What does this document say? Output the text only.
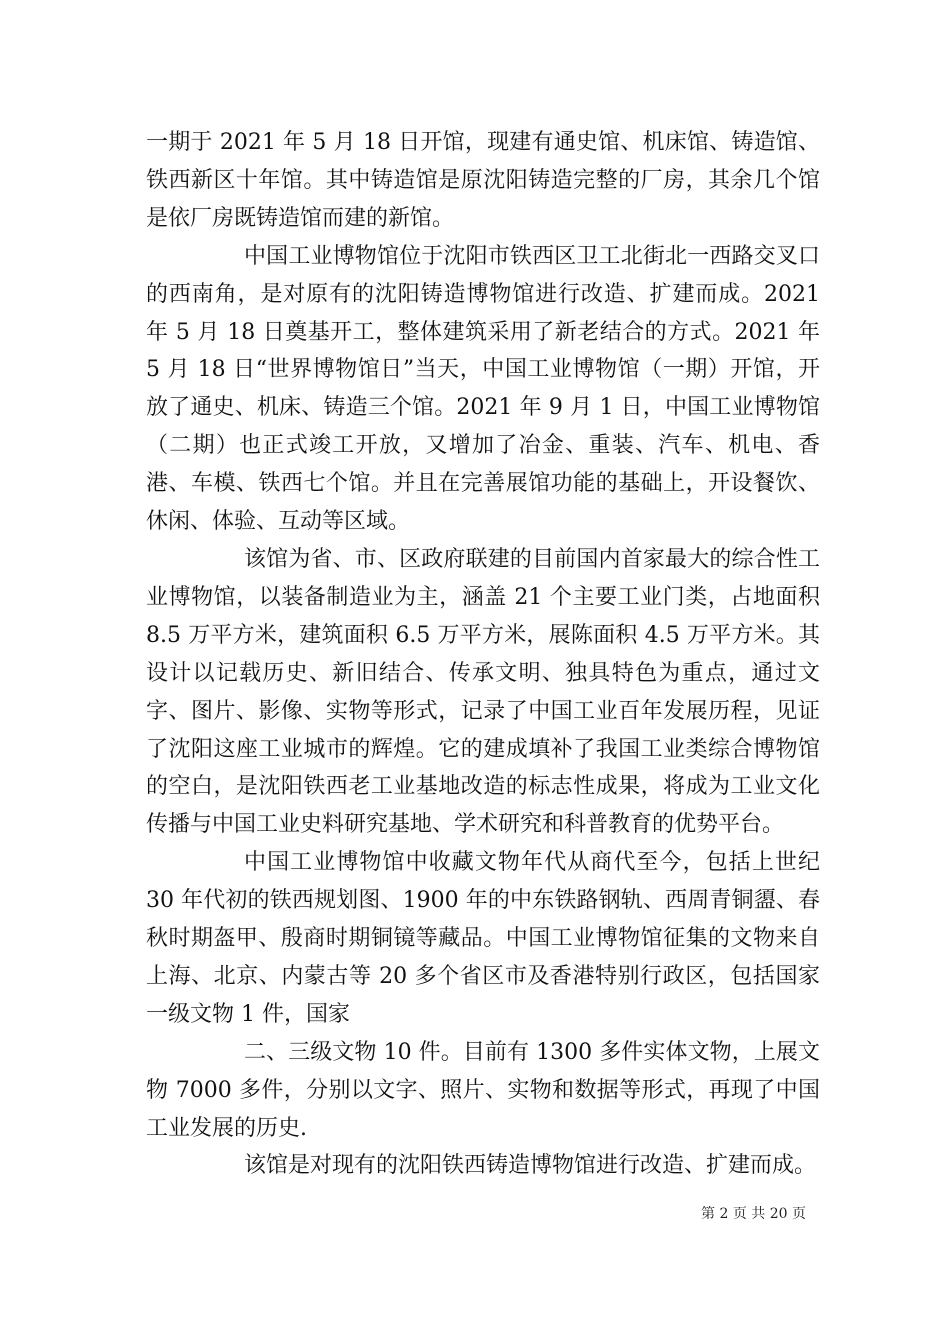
一期于 2021 年 5 月 18 日开馆，现建有通史馆、机床馆、铸造馆、铁西新区十年馆。其中铸造馆是原沈阳铸造完整的厂房，其余几个馆是依厂房既铸造馆而建的新馆。

中国工业博物馆位于沈阳市铁西区卫工北街北一西路交叉口的西南角，是对原有的沈阳铸造博物馆进行改造、扩建而成。2021 年 5 月 18 日奠基开工，整体建筑采用了新老结合的方式。2021 年 5 月 18 日“世界博物馆日”当天，中国工业博物馆（一期）开馆，开放了通史、机床、铸造三个馆。2021 年 9 月 1 日，中国工业博物馆（二期）也正式竣工开放，又增加了冶金、重装、汽车、机电、香港、车模、铁西七个馆。并且在完善展馆功能的基础上，开设餐饮、休闲、体验、互动等区域。

该馆为省、市、区政府联建的目前国内首家最大的综合性工业博物馆，以装备制造业为主，涵盖 21 个主要工业门类，占地面积 8.5 万平方米，建筑面积 6.5 万平方米，展陈面积 4.5 万平方米。其设计以记载历史、新旧结合、传承文明、独具特色为重点，通过文字、图片、影像、实物等形式，记录了中国工业百年发展历程，见证了沈阳这座工业城市的辉煌。它的建成填补了我国工业类综合博物馆的空白，是沈阳铁西老工业基地改造的标志性成果，将成为工业文化传播与中国工业史料研究基地、学术研究和科普教育的优势平台。

中国工业博物馆中收藏文物年代从商代至今，包括上世纪 30 年代初的铁西规划图、1900 年的中东铁路钢轨、西周青铜盨、春秋时期盔甲、殷商时期铜镜等藏品。中国工业博物馆征集的文物来自上海、北京、内蒙古等 20 多个省区市及香港特别行政区，包括国家一级文物 1 件，国家

二、三级文物 10 件。目前有 1300 多件实体文物，上展文物 7000 多件，分别以文字、照片、实物和数据等形式，再现了中国工业发展的历史.

该馆是对现有的沈阳铁西铸造博物馆进行改造、扩建而成。

第 2 页 共 20 页
